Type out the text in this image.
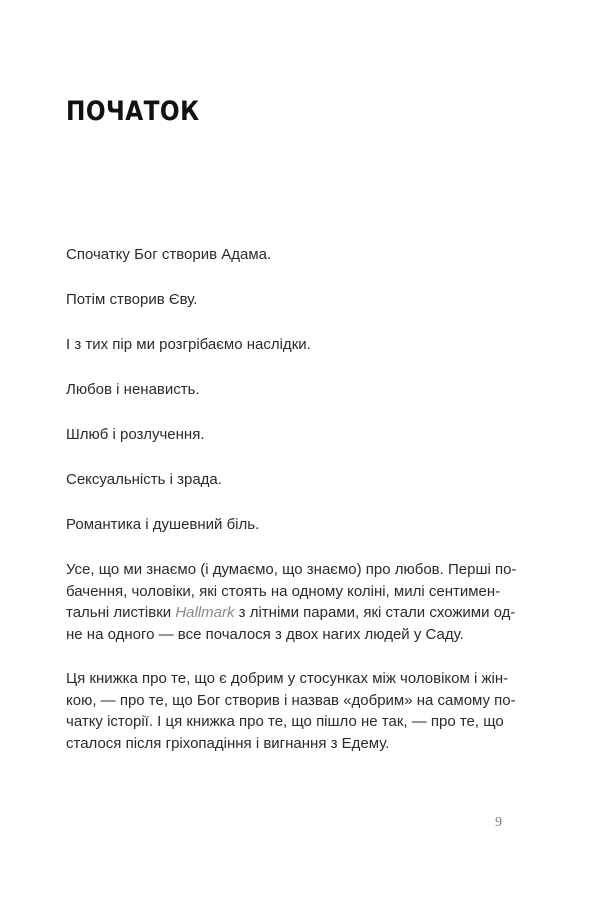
ПОЧАТОК

Спочатку Бог створив Адама.

Потім створив Єву.

І з тих пір ми розгрібаємо наслідки.

Любов і ненависть.

Шлюб і розлучення.

Сексуальність і зрада.

Романтика і душевний біль.

Усе, що ми знаємо (і думаємо, що знаємо) про любов. Перші по-
бачення, чоловіки, які стоять на одному коліні, милі сентимен-
тальні листівки Hallmark з літніми парами, які стали схожими од-
не на одного — все почалося з двох нагих людей у Саду.

Ця книжка про те, що є добрим у стосунках між чоловіком і жін-
кою, — про те, що Бог створив і назвав «добрим» на самому по-
чатку історії. І ця книжка про те, що пішло не так, — про те, що
сталося після гріхопадіння і вигнання з Едему.

9
